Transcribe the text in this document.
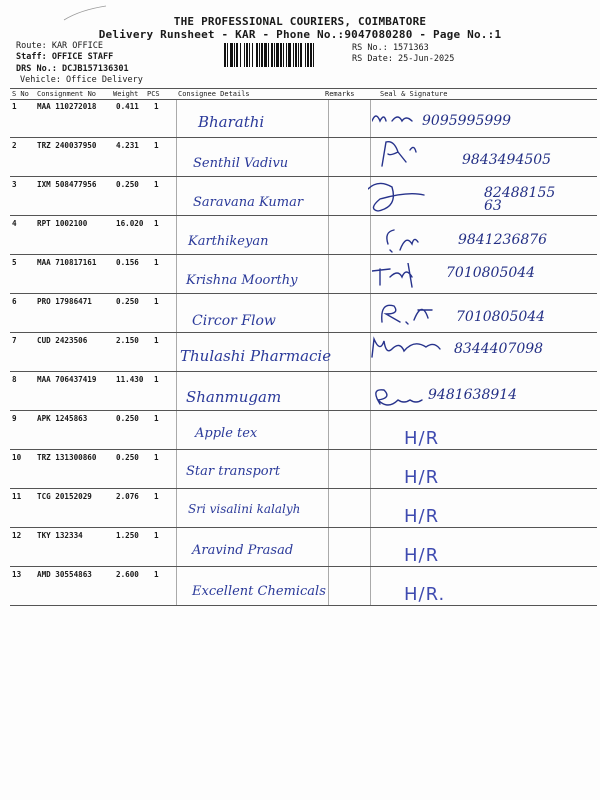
THE PROFESSIONAL COURIERS, COIMBATORE
Delivery Runsheet - KAR - Phone No.:9047080280 - Page No.:1
Route: KAR OFFICE
Staff: OFFICE STAFF
DRS No.: DCJB157136301
Vehicle: Office Delivery
RS No.: 1571363
RS Date: 25-Jun-2025
S No Consignment No Weight PCS	Consignee Details	Remarks	Seal & Signature
1	MAA 110272018	0.411 1
Bharathi	9095995999
2	TRZ 240037950	4.231 1
Senthil Vadivu	9843494505
3	IXM 508477956	0.250 1
Saravana Kumar
8248815563
4	RPT 1002100	16.020 1
Karthikeyan	9841236876
5	MAA 710817161	0.156 1
Krishna Moorthy	7010805044
6	PRO 17986471	0.250 1
Circor Flow	7010805044
7	CUD 2423506	2.150 1
Thulashi Pharmacie	8344407098
8	MAA 706437419	11.430 1
Shanmugam	9481638914
9	APK 1245863	0.250 1
Apple tex	H/R
10 TRZ 131300860	0.250 1
Star transport	H/R
11 TCG 20152029	2.076 1
Sri visalini kalalyh	H/R
12 TKY 132334	1.250 1
Aravind Prasad	H/R
13 AMD 30554863	2.600 1
Excellent Chemicals	H/R.
